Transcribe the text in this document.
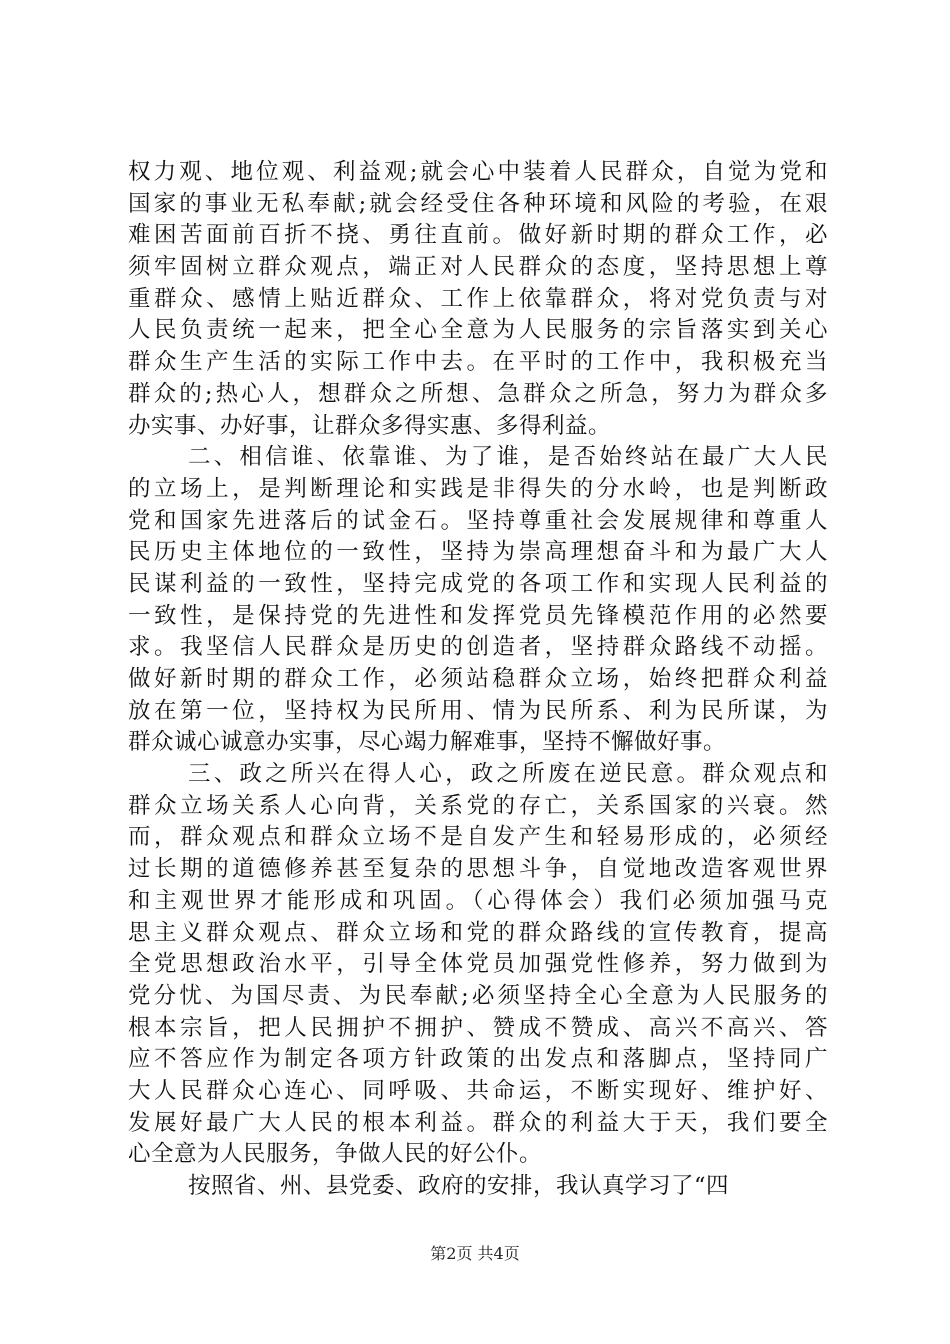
权力观、地位观、利益观;就会心中装着人民群众，自觉为党和
国家的事业无私奉献;就会经受住各种环境和风险的考验，在艰
难困苦面前百折不挠、勇往直前。做好新时期的群众工作，必
须牢固树立群众观点，端正对人民群众的态度，坚持思想上尊
重群众、感情上贴近群众、工作上依靠群众，将对党负责与对
人民负责统一起来，把全心全意为人民服务的宗旨落实到关心
群众生产生活的实际工作中去。在平时的工作中，我积极充当
群众的;热心人，想群众之所想、急群众之所急，努力为群众多
办实事、办好事，让群众多得实惠、多得利益。
二、相信谁、依靠谁、为了谁，是否始终站在最广大人民
的立场上，是判断理论和实践是非得失的分水岭，也是判断政
党和国家先进落后的试金石。坚持尊重社会发展规律和尊重人
民历史主体地位的一致性，坚持为崇高理想奋斗和为最广大人
民谋利益的一致性，坚持完成党的各项工作和实现人民利益的
一致性，是保持党的先进性和发挥党员先锋模范作用的必然要
求。我坚信人民群众是历史的创造者，坚持群众路线不动摇。
做好新时期的群众工作，必须站稳群众立场，始终把群众利益
放在第一位，坚持权为民所用、情为民所系、利为民所谋，为
群众诚心诚意办实事，尽心竭力解难事，坚持不懈做好事。
三、政之所兴在得人心，政之所废在逆民意。群众观点和
群众立场关系人心向背，关系党的存亡，关系国家的兴衰。然
而，群众观点和群众立场不是自发产生和轻易形成的，必须经
过长期的道德修养甚至复杂的思想斗争，自觉地改造客观世界
和主观世界才能形成和巩固。（心得体会）我们必须加强马克
思主义群众观点、群众立场和党的群众路线的宣传教育，提高
全党思想政治水平，引导全体党员加强党性修养，努力做到为
党分忧、为国尽责、为民奉献;必须坚持全心全意为人民服务的
根本宗旨，把人民拥护不拥护、赞成不赞成、高兴不高兴、答
应不答应作为制定各项方针政策的出发点和落脚点，坚持同广
大人民群众心连心、同呼吸、共命运，不断实现好、维护好、
发展好最广大人民的根本利益。群众的利益大于天，我们要全
心全意为人民服务，争做人民的好公仆。
按照省、州、县党委、政府的安排，我认真学习了“四
第2页 共4页
